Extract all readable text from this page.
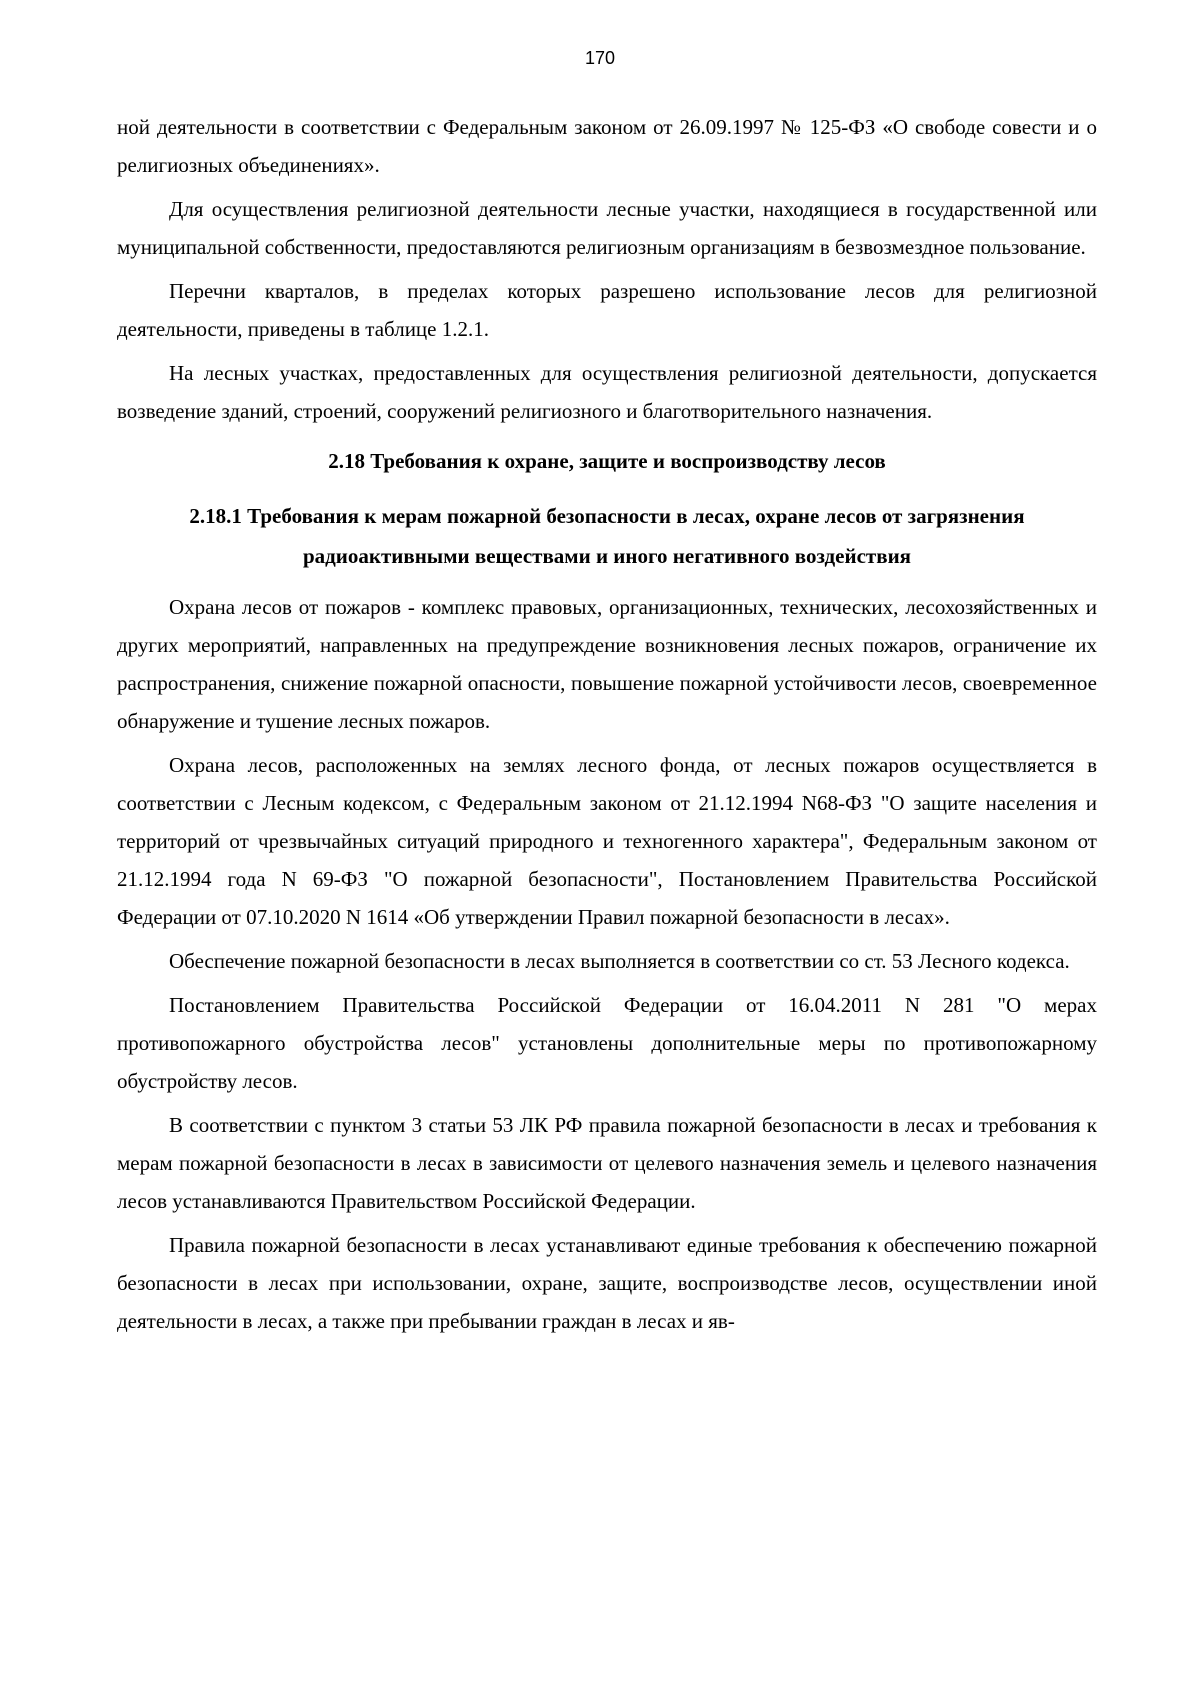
170

ной деятельности в соответствии с Федеральным законом от 26.09.1997 № 125-ФЗ «О свободе совести и о религиозных объединениях».

Для осуществления религиозной деятельности лесные участки, находящиеся в государственной или муниципальной собственности, предоставляются религиозным организациям в безвозмездное пользование.

Перечни кварталов, в пределах которых разрешено использование лесов для религиозной деятельности, приведены в таблице 1.2.1.

На лесных участках, предоставленных для осуществления религиозной деятельности, допускается возведение зданий, строений, сооружений религиозного и благотворительного назначения.

2.18 Требования к охране, защите и воспроизводству лесов
2.18.1 Требования к мерам пожарной безопасности в лесах, охране лесов от загрязнения радиоактивными веществами и иного негативного воздействия

Охрана лесов от пожаров - комплекс правовых, организационных, технических, лесохозяйственных и других мероприятий, направленных на предупреждение возникновения лесных пожаров, ограничение их распространения, снижение пожарной опасности, повышение пожарной устойчивости лесов, своевременное обнаружение и тушение лесных пожаров.

Охрана лесов, расположенных на землях лесного фонда, от лесных пожаров осуществляется в соответствии с Лесным кодексом, с Федеральным законом от 21.12.1994 N68-ФЗ "О защите населения и территорий от чрезвычайных ситуаций природного и техногенного характера", Федеральным законом от 21.12.1994 года N 69-ФЗ "О пожарной безопасности", Постановлением Правительства Российской Федерации от 07.10.2020 N 1614 «Об утверждении Правил пожарной безопасности в лесах».

Обеспечение пожарной безопасности в лесах выполняется в соответствии со ст. 53 Лесного кодекса.

Постановлением Правительства Российской Федерации от 16.04.2011 N 281 "О мерах противопожарного обустройства лесов" установлены дополнительные меры по противопожарному обустройству лесов.

В соответствии с пунктом 3 статьи 53 ЛК РФ правила пожарной безопасности в лесах и требования к мерам пожарной безопасности в лесах в зависимости от целевого назначения земель и целевого назначения лесов устанавливаются Правительством Российской Федерации.

Правила пожарной безопасности в лесах устанавливают единые требования к обеспечению пожарной безопасности в лесах при использовании, охране, защите, воспроизводстве лесов, осуществлении иной деятельности в лесах, а также при пребывании граждан в лесах и яв-
